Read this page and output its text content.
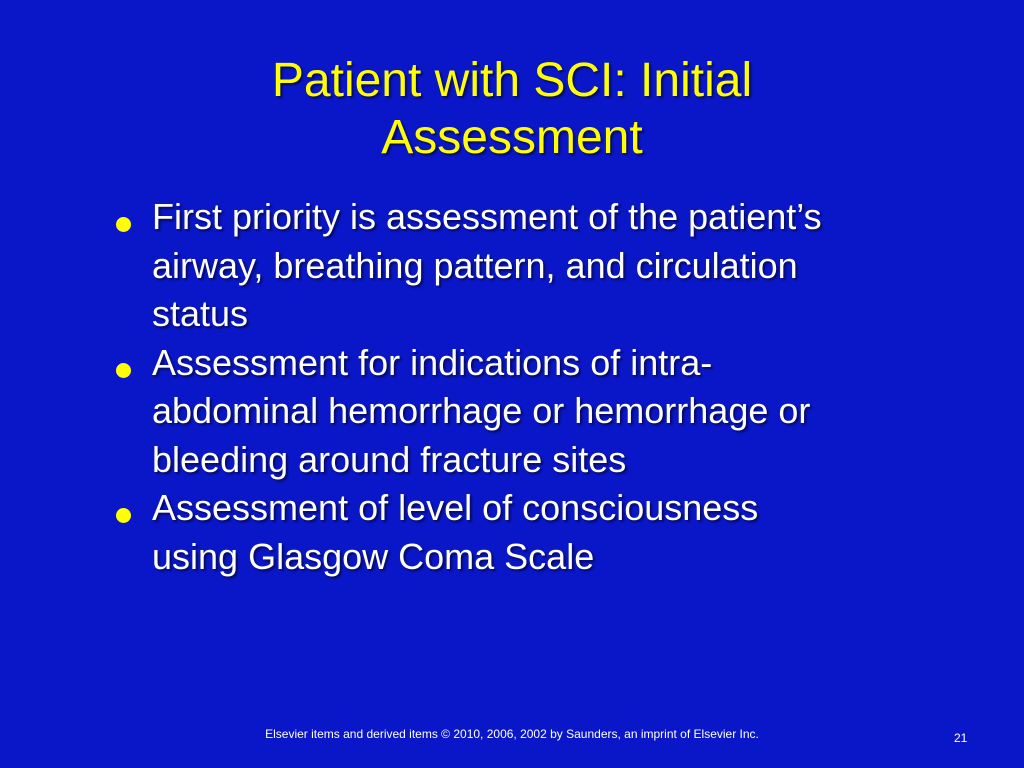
Patient with SCI: Initial
Assessment
First priority is assessment of the patient’s
airway, breathing pattern, and circulation
status
Assessment for indications of intra-
abdominal hemorrhage or hemorrhage or
bleeding around fracture sites
Assessment of level of consciousness
using Glasgow Coma Scale
Elsevier items and derived items © 2010, 2006, 2002 by Saunders, an imprint of Elsevier Inc.	21
